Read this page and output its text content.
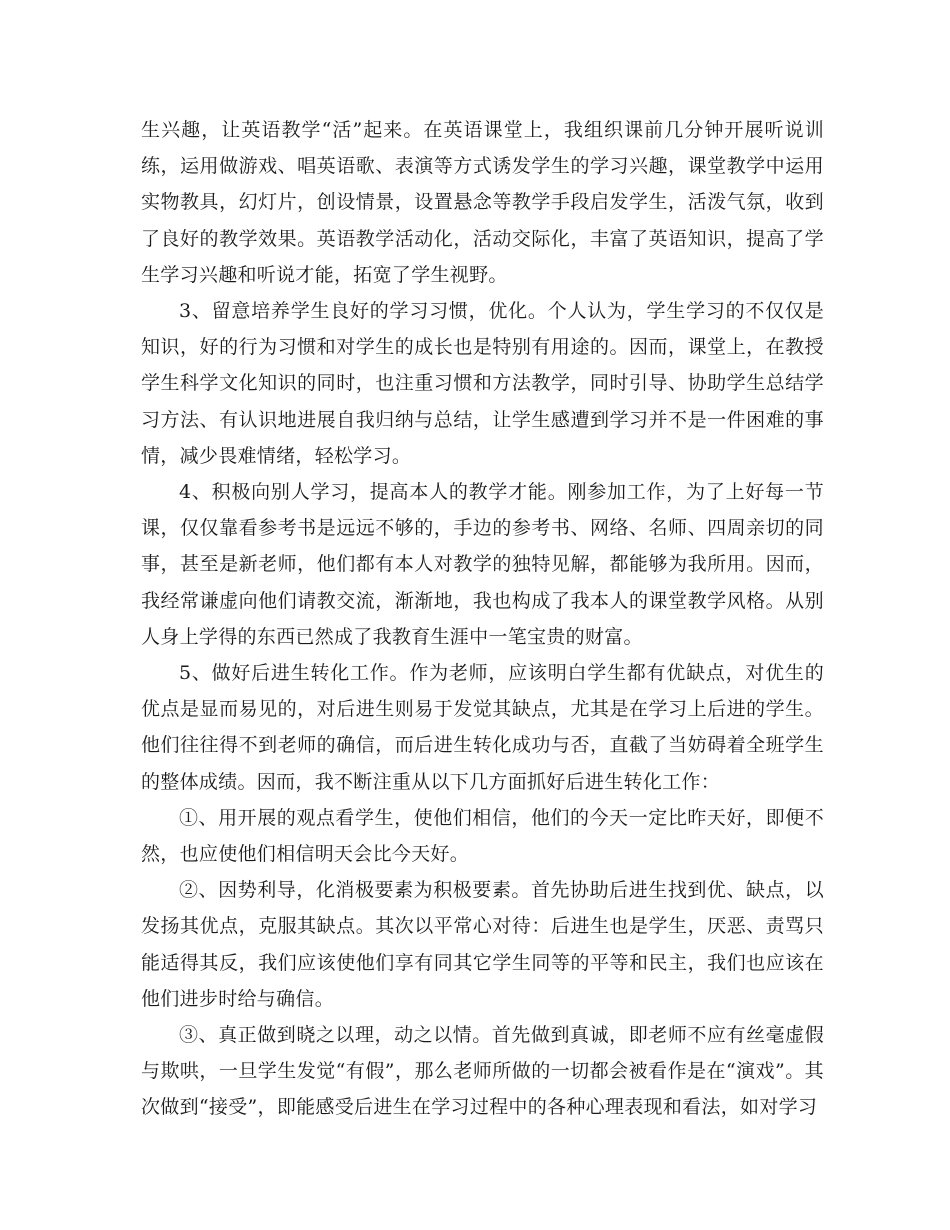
生兴趣，让英语教学“活”起来。在英语课堂上，我组织课前几分钟开展听说训练，运用做游戏、唱英语歌、表演等方式诱发学生的学习兴趣，课堂教学中运用实物教具，幻灯片，创设情景，设置悬念等教学手段启发学生，活泼气氛，收到了良好的教学效果。英语教学活动化，活动交际化，丰富了英语知识，提高了学生学习兴趣和听说才能，拓宽了学生视野。

3、留意培养学生良好的学习习惯，优化。个人认为，学生学习的不仅仅是知识，好的行为习惯和对学生的成长也是特别有用途的。因而，课堂上，在教授学生科学文化知识的同时，也注重习惯和方法教学，同时引导、协助学生总结学习方法、有认识地进展自我归纳与总结，让学生感遭到学习并不是一件困难的事情，减少畏难情绪，轻松学习。

4、积极向别人学习，提高本人的教学才能。刚参加工作，为了上好每一节课，仅仅靠看参考书是远远不够的，手边的参考书、网络、名师、四周亲切的同事，甚至是新老师，他们都有本人对教学的独特见解，都能够为我所用。因而，我经常谦虚向他们请教交流，渐渐地，我也构成了我本人的课堂教学风格。从别人身上学得的东西已然成了我教育生涯中一笔宝贵的财富。

5、做好后进生转化工作。作为老师，应该明白学生都有优缺点，对优生的优点是显而易见的，对后进生则易于发觉其缺点，尤其是在学习上后进的学生。他们往往得不到老师的确信，而后进生转化成功与否，直截了当妨碍着全班学生的整体成绩。因而，我不断注重从以下几方面抓好后进生转化工作：

①、用开展的观点看学生，使他们相信，他们的今天一定比昨天好，即便不然，也应使他们相信明天会比今天好。

②、因势利导，化消极要素为积极要素。首先协助后进生找到优、缺点，以发扬其优点，克服其缺点。其次以平常心对待：后进生也是学生，厌恶、责骂只能适得其反，我们应该使他们享有同其它学生同等的平等和民主，我们也应该在他们进步时给与确信。

③、真正做到晓之以理，动之以情。首先做到真诚，即老师不应有丝毫虚假与欺哄，一旦学生发觉“有假”，那么老师所做的一切都会被看作是在“演戏”。其次做到“接受”，即能感受后进生在学习过程中的各种心理表现和看法，如对学习
